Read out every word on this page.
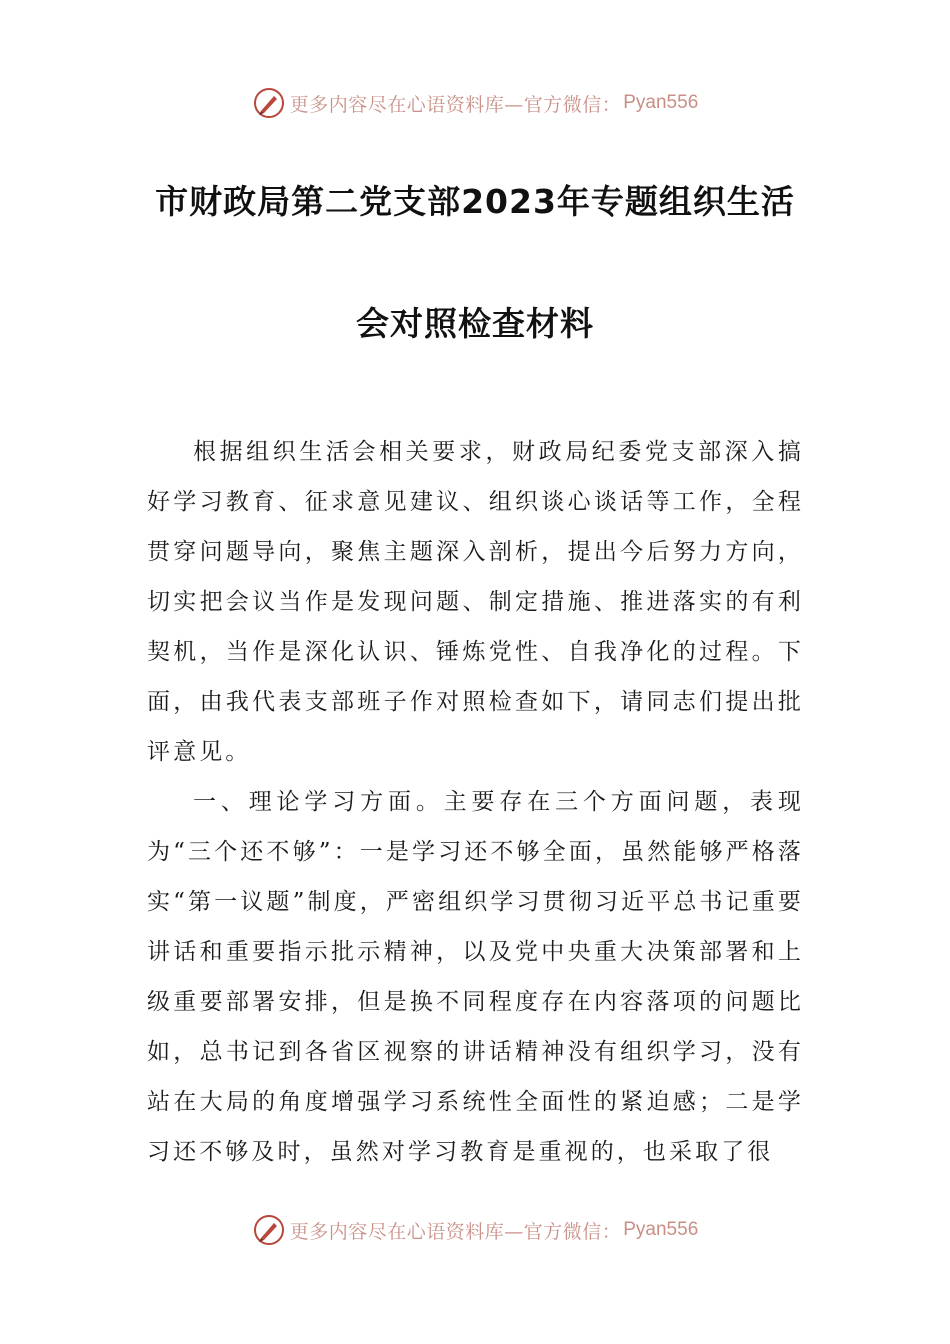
更多内容尽在心语资料库—官方微信： Pyan556
市财政局第二党支部2023年专题组织生活
会对照检查材料

根据组织生活会相关要求，财政局纪委党支部深入搞好学习教育、征求意见建议、组织谈心谈话等工作，全程贯穿问题导向，聚焦主题深入剖析，提出今后努力方向，切实把会议当作是发现问题、制定措施、推进落实的有利契机，当作是深化认识、锤炼党性、自我净化的过程。下面，由我代表支部班子作对照检查如下，请同志们提出批评意见。

一、理论学习方面。主要存在三个方面问题，表现为“三个还不够”：一是学习还不够全面，虽然能够严格落实“第一议题”制度，严密组织学习贯彻习近平总书记重要讲话和重要指示批示精神，以及党中央重大决策部署和上级重要部署安排，但是换不同程度存在内容落项的问题比如，总书记到各省区视察的讲话精神没有组织学习，没有站在大局的角度增强学习系统性全面性的紧迫感；二是学习还不够及时，虽然对学习教育是重视的，也采取了很

更多内容尽在心语资料库—官方微信： Pyan556
